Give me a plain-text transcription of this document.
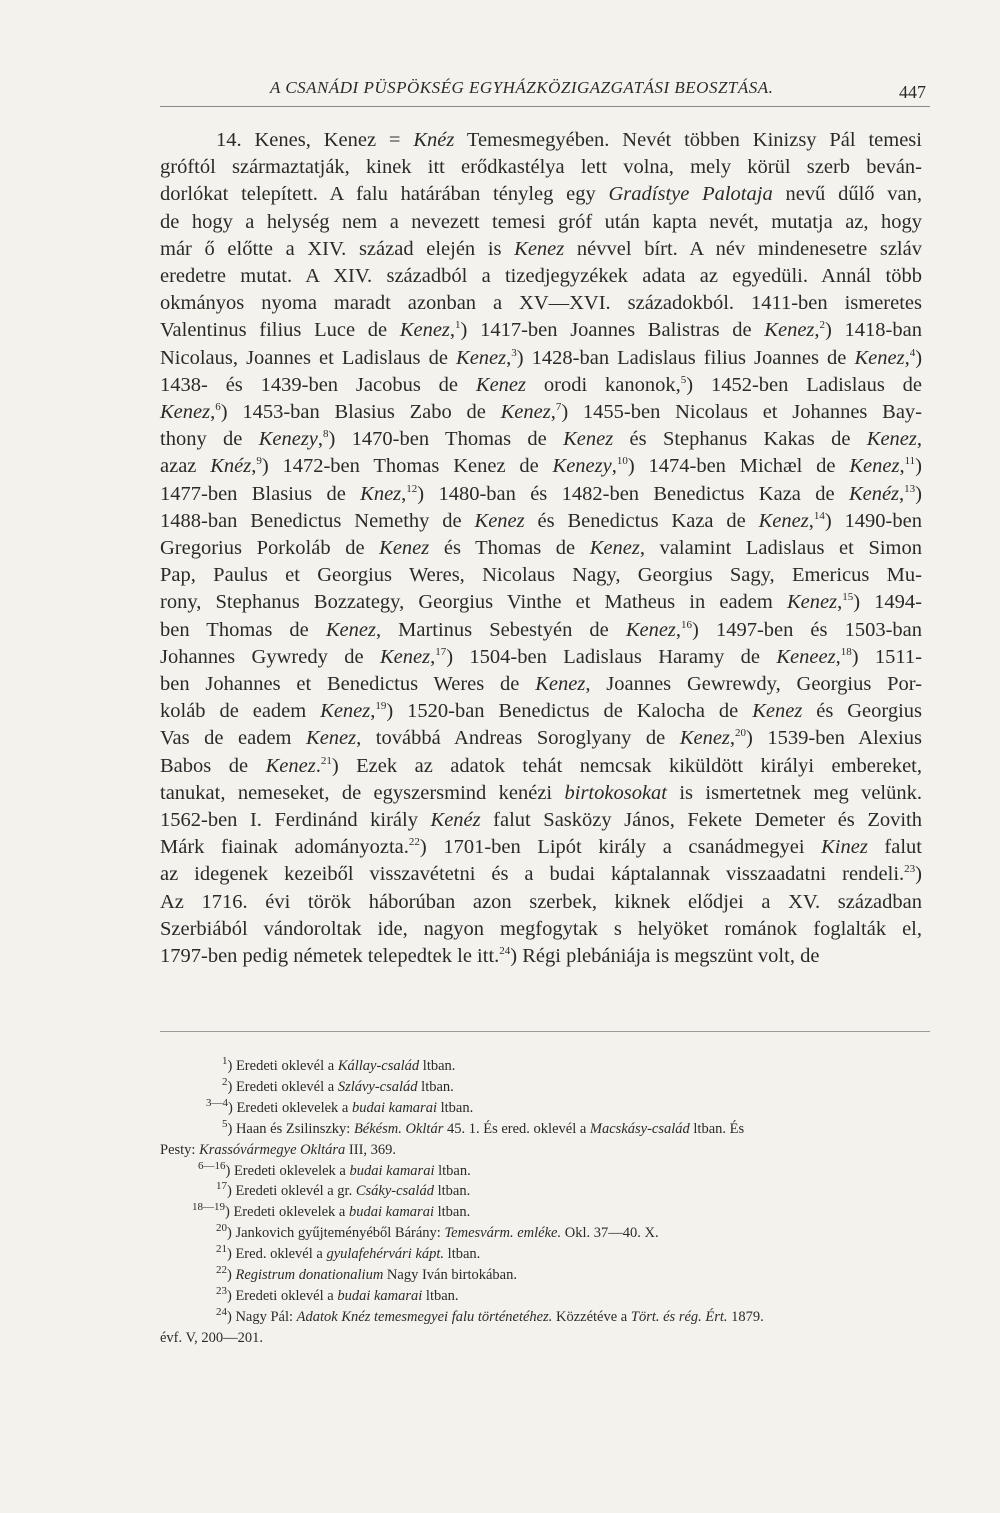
A CSANÁDI PÜSPÖKSÉG EGYHÁZKÖZIGAZGATÁSI BEOSZTÁSA.	447
14. Kenes, Kenez = Knéz Temesmegyében. Nevét többen Kinizsy Pál temesi
gróftól származtatják, kinek itt erődkastélya lett volna, mely körül szerb beván-
dorlókat telepített. A falu határában tényleg egy Gradístye Palotaja nevű dűlő van,
de hogy a helység nem a nevezett temesi gróf után kapta nevét, mutatja az, hogy
már ő előtte a XIV. század elején is Kenez névvel bírt. A név mindenesetre szláv
eredetre mutat. A XIV. századból a tizedjegyzékek adata az egyedüli. Annál több
okmányos nyoma maradt azonban a XV—XVI. századokból. 1411-ben ismeretes
Valentinus filius Luce de Kenez,$^1$) 1417-ben Joannes Balistras de Kenez,$^2$) 1418-ban
Nicolaus, Joannes et Ladislaus de Kenez,$^3$) 1428-ban Ladislaus filius Joannes de Kenez,$^4$)
1438- és 1439-ben Jacobus de Kenez orodi kanonok,$^5$) 1452-ben Ladislaus de
Kenez,$^6$) 1453-ban Blasius Zabo de Kenez,$^7$) 1455-ben Nicolaus et Johannes Bay-
thony de Kenezy,$^8$) 1470-ben Thomas de Kenez és Stephanus Kakas de Kenez,
azaz Knéz,$^9$) 1472-ben Thomas Kenez de Kenezy,$^{10}$) 1474-ben Michæl de Kenez,$^{11}$)
1477-ben Blasius de Knez,$^{12}$) 1480-ban és 1482-ben Benedictus Kaza de Kenéz,$^{13}$)
1488-ban Benedictus Nemethy de Kenez és Benedictus Kaza de Kenez,$^{14}$) 1490-ben
Gregorius Porkoláb de Kenez és Thomas de Kenez, valamint Ladislaus et Simon
Pap, Paulus et Georgius Weres, Nicolaus Nagy, Georgius Sagy, Emericus Mu-
rony, Stephanus Bozzategy, Georgius Vinthe et Matheus in eadem Kenez,$^{15}$) 1494-
ben Thomas de Kenez, Martinus Sebestyén de Kenez,$^{16}$) 1497-ben és 1503-ban
Johannes Gywredy de Kenez,$^{17}$) 1504-ben Ladislaus Haramy de Keneez,$^{18}$) 1511-
ben Johannes et Benedictus Weres de Kenez, Joannes Gewrewdy, Georgius Por-
koláb de eadem Kenez,$^{19}$) 1520-ban Benedictus de Kalocha de Kenez és Georgius
Vas de eadem Kenez, továbbá Andreas Soroglyany de Kenez,$^{20}$) 1539-ben Alexius
Babos de Kenez.$^{21}$) Ezek az adatok tehát nemcsak kiküldött királyi embereket,
tanukat, nemeseket, de egyszersmind kenézi birtokosokat is ismertetnek meg velünk.
1562-ben I. Ferdinánd király Kenéz falut Sasközy János, Fekete Demeter és Zovith
Márk fiainak adományozta.$^{22}$) 1701-ben Lipót király a csanádmegyei Kinez falut
az idegenek kezeiből visszavétetni és a budai káptalannak visszaadatni rendeli.$^{23}$)
Az 1716. évi török háborúban azon szerbek, kiknek elődjei a XV. században
Szerbiából vándoroltak ide, nagyon megfogytak s helyöket románok foglalták el,
1797-ben pedig németek telepedtek le itt.$^{24}$) Régi plebániája is megszünt volt, de
$^1$) Eredeti oklevél a Kállay-család ltban.
$^2$) Eredeti oklevél a Szlávy-család ltban.
$^{3—4}$) Eredeti oklevelek a budai kamarai ltban.
$^5$) Haan és Zsilinszky: Békésm. Okltár 45. 1. És ered. oklevél a Macskásy-család ltban. És
Pesty: Krassóvármegye Okltára III, 369.
$^{6—16}$) Eredeti oklevelek a budai kamarai ltban.
$^{17}$) Eredeti oklevél a gr. Csáky-család ltban.
$^{18—19}$) Eredeti oklevelek a budai kamarai ltban.
$^{20}$) Jankovich gyűjteményéből Bárány: Temesvárm. emléke. Okl. 37—40. X.
$^{21}$) Ered. oklevél a gyulafehérvári kápt. ltban.
$^{22}$) Registrum donationalium Nagy Iván birtokában.
$^{23}$) Eredeti oklevél a budai kamarai ltban.
$^{24}$) Nagy Pál: Adatok Knéz temesmegyei falu történetéhez. Közzétéve a Tört. és rég. Ért. 1879.
évf. V, 200—201.
